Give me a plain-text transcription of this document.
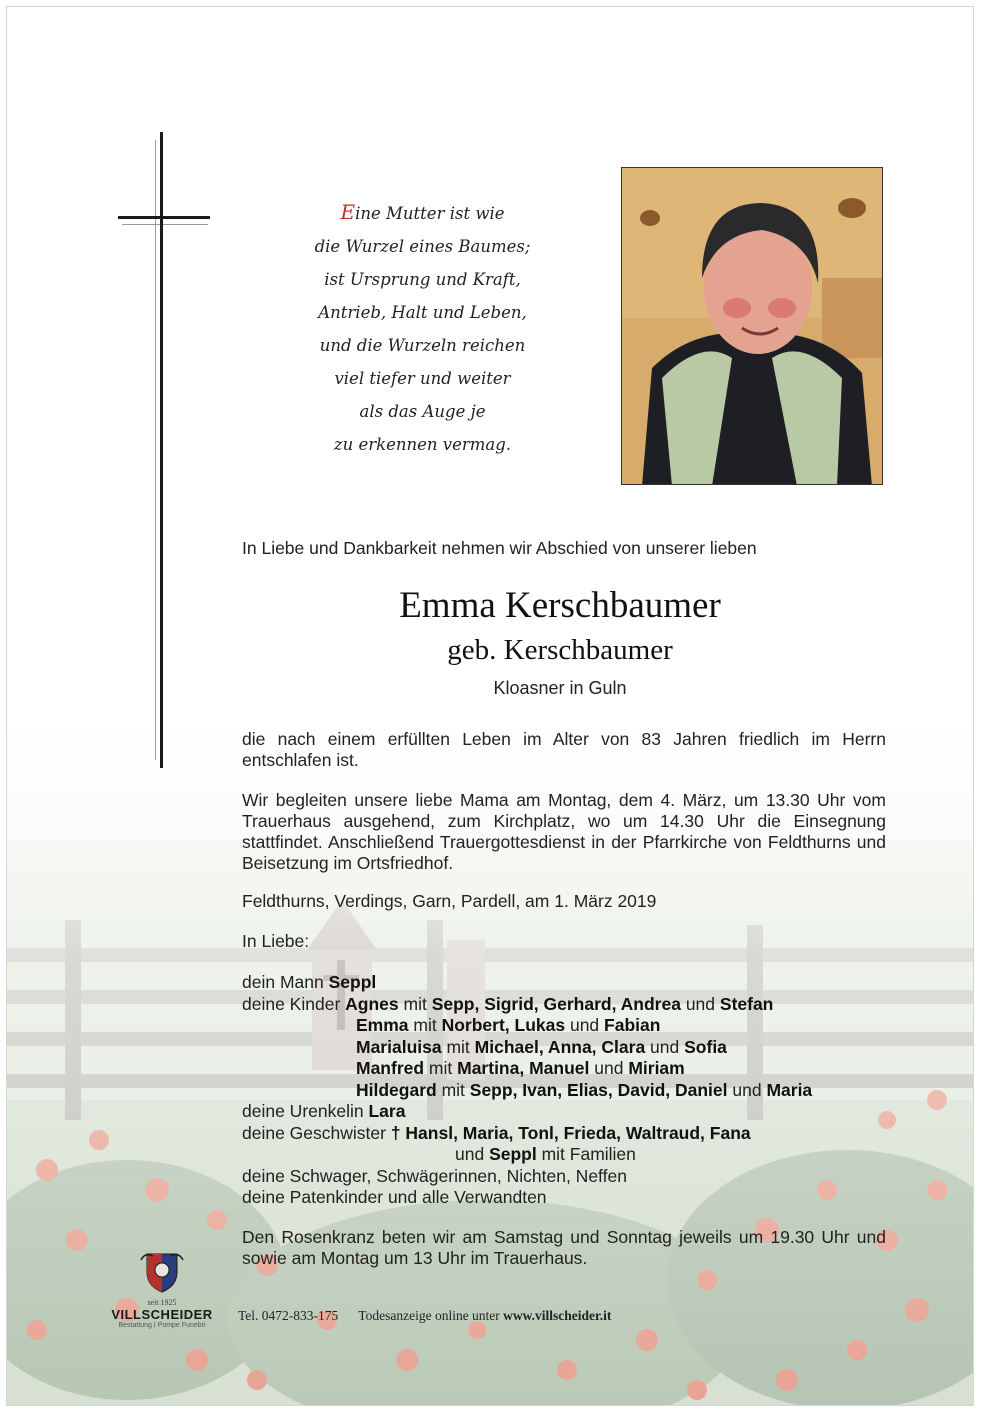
Eine Mutter ist wie
die Wurzel eines Baumes;
ist Ursprung und Kraft,
Antrieb, Halt und Leben,
und die Wurzeln reichen
viel tiefer und weiter
als das Auge je
zu erkennen vermag.
In Liebe und Dankbarkeit nehmen wir Abschied von unserer lieben
Emma Kerschbaumer
geb. Kerschbaumer
Kloasner in Guln
die nach einem erfüllten Leben im Alter von 83 Jahren friedlich im Herrn entschlafen ist.
Wir begleiten unsere liebe Mama am Montag, dem 4. März, um 13.30 Uhr vom Trauerhaus ausgehend, zum Kirchplatz, wo um 14.30 Uhr die Einsegnung stattfindet. Anschließend Trauergottesdienst in der Pfarrkirche von Feldthurns und Beisetzung im Ortsfriedhof.
Feldthurns, Verdings, Garn, Pardell, am 1. März 2019
In Liebe:
dein Mann Seppl
deine Kinder Agnes mit Sepp, Sigrid, Gerhard, Andrea und Stefan
Emma mit Norbert, Lukas und Fabian
Marialuisa mit Michael, Anna, Clara und Sofia
Manfred mit Martina, Manuel und Miriam
Hildegard mit Sepp, Ivan, Elias, David, Daniel und Maria
deine Urenkelin Lara
deine Geschwister † Hansl, Maria, Tonl, Frieda, Waltraud, Fana
und Seppl mit Familien
deine Schwager, Schwägerinnen, Nichten, Neffen
deine Patenkinder und alle Verwandten
Den Rosenkranz beten wir am Samstag und Sonntag jeweils um 19.30 Uhr und sowie am Montag um 13 Uhr im Trauerhaus.
seit 1925
VILLSCHEIDER
Bestattung | Pompe Funebri
Tel. 0472-833-175 Todesanzeige online unter www.villscheider.it
